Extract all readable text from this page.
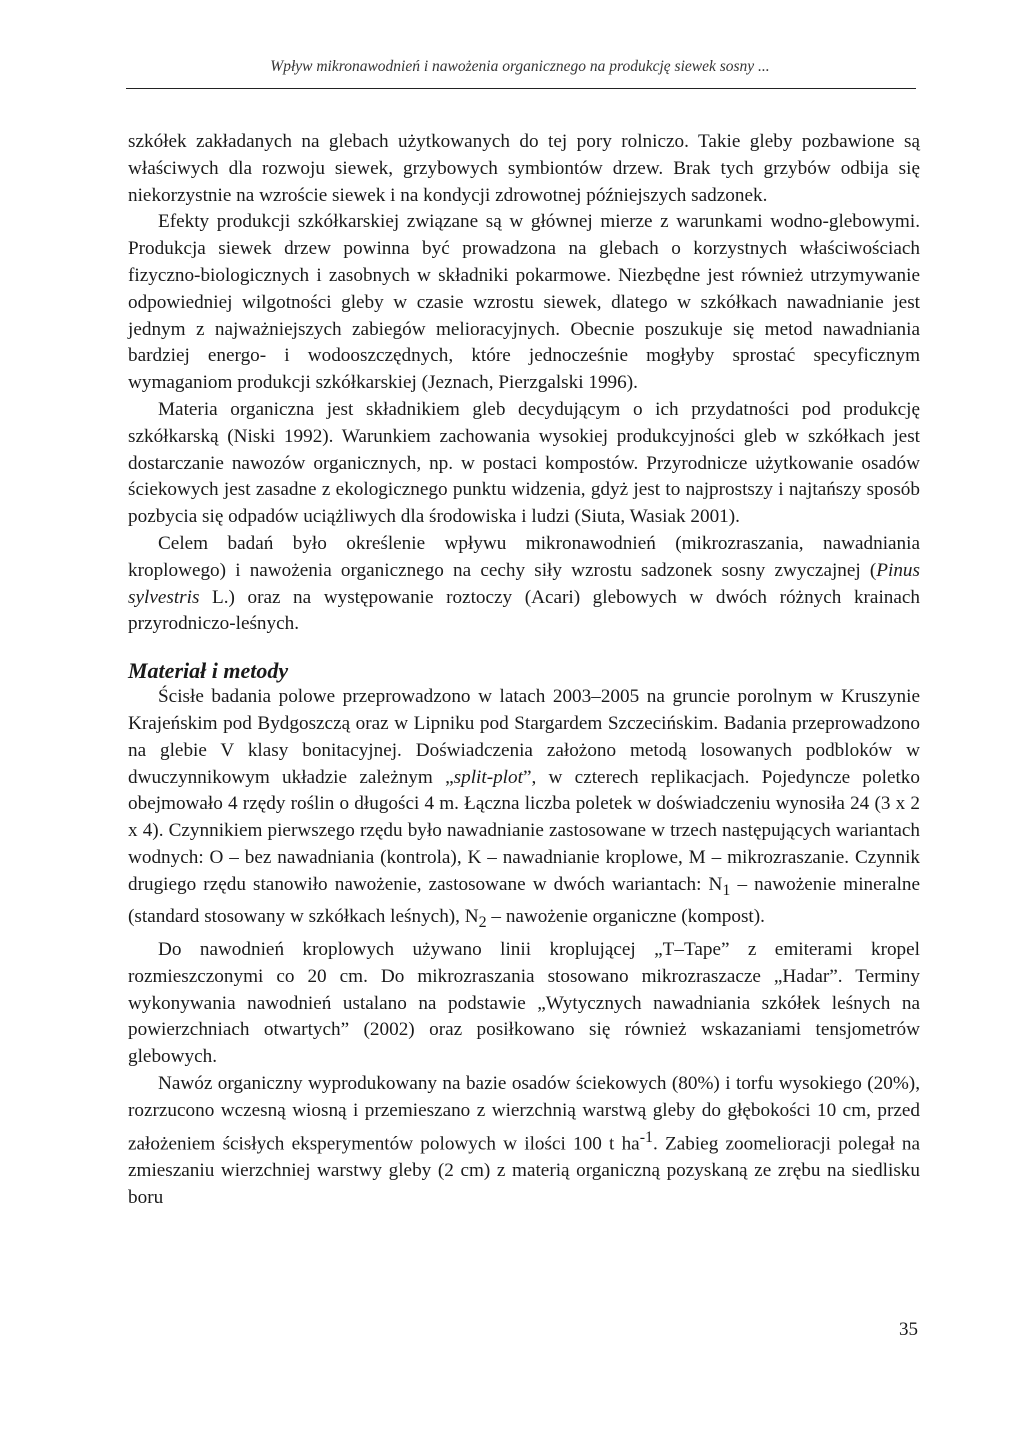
Wpływ mikronawodnień i nawożenia organicznego na produkcję siewek sosny ...

szkółek zakładanych na glebach użytkowanych do tej pory rolniczo. Takie gleby pozbawione są właściwych dla rozwoju siewek, grzybowych symbiontów drzew. Brak tych grzybów odbija się niekorzystnie na wzroście siewek i na kondycji zdrowotnej późniejszych sadzonek.

Efekty produkcji szkółkarskiej związane są w głównej mierze z warunkami wodno-glebowymi. Produkcja siewek drzew powinna być prowadzona na glebach o korzystnych właściwościach fizyczno-biologicznych i zasobnych w składniki pokarmowe. Niezbędne jest również utrzymywanie odpowiedniej wilgotności gleby w czasie wzrostu siewek, dlatego w szkółkach nawadnianie jest jednym z najważniejszych zabiegów melioracyjnych. Obecnie poszukuje się metod nawadniania bardziej energo- i wodooszczędnych, które jednocześnie mogłyby sprostać specyficznym wymaganiom produkcji szkółkarskiej (Jeznach, Pierzgalski 1996).

Materia organiczna jest składnikiem gleb decydującym o ich przydatności pod produkcję szkółkarską (Niski 1992). Warunkiem zachowania wysokiej produkcyjności gleb w szkółkach jest dostarczanie nawozów organicznych, np. w postaci kompostów. Przyrodnicze użytkowanie osadów ściekowych jest zasadne z ekologicznego punktu widzenia, gdyż jest to najprostszy i najtańszy sposób pozbycia się odpadów uciążliwych dla środowiska i ludzi (Siuta, Wasiak 2001).

Celem badań było określenie wpływu mikronawodnień (mikrozraszania, nawadniania kroplowego) i nawożenia organicznego na cechy siły wzrostu sadzonek sosny zwyczajnej (Pinus sylvestris L.) oraz na występowanie roztoczy (Acari) glebowych w dwóch różnych krainach przyrodniczo-leśnych.

Materiał i metody

Ścisłe badania polowe przeprowadzono w latach 2003–2005 na gruncie porolnym w Kruszynie Krajeńskim pod Bydgoszczą oraz w Lipniku pod Stargardem Szczecińskim. Badania przeprowadzono na glebie V klasy bonitacyjnej. Doświadczenia założono metodą losowanych podbloków w dwuczynnikowym układzie zależnym „split-plot”, w czterech replikacjach. Pojedyncze poletko obejmowało 4 rzędy roślin o długości 4 m. Łączna liczba poletek w doświadczeniu wynosiła 24 (3 x 2 x 4). Czynnikiem pierwszego rzędu było nawadnianie zastosowane w trzech następujących wariantach wodnych: O – bez nawadniania (kontrola), K – nawadnianie kroplowe, M – mikrozraszanie. Czynnik drugiego rzędu stanowiło nawożenie, zastosowane w dwóch wariantach: $N_1$ – nawożenie mineralne (standard stosowany w szkółkach leśnych), $N_2$ – nawożenie organiczne (kompost).

Do nawodnień kroplowych używano linii kroplującej „T–Tape” z emiterami kropel rozmieszczonymi co 20 cm. Do mikrozraszania stosowano mikrozraszacze „Hadar”. Terminy wykonywania nawodnień ustalano na podstawie „Wytycznych nawadniania szkółek leśnych na powierzchniach otwartych” (2002) oraz posiłkowano się również wskazaniami tensjometrów glebowych.

Nawóz organiczny wyprodukowany na bazie osadów ściekowych (80%) i torfu wysokiego (20%), rozrzucono wczesną wiosną i przemieszano z wierzchnią warstwą gleby do głębokości 10 cm, przed założeniem ścisłych eksperymentów polowych w ilości 100 t $ha^{-1}$. Zabieg zoomelioracji polegał na zmieszaniu wierzchniej warstwy gleby (2 cm) z materią organiczną pozyskaną ze zrębu na siedlisku boru

35
